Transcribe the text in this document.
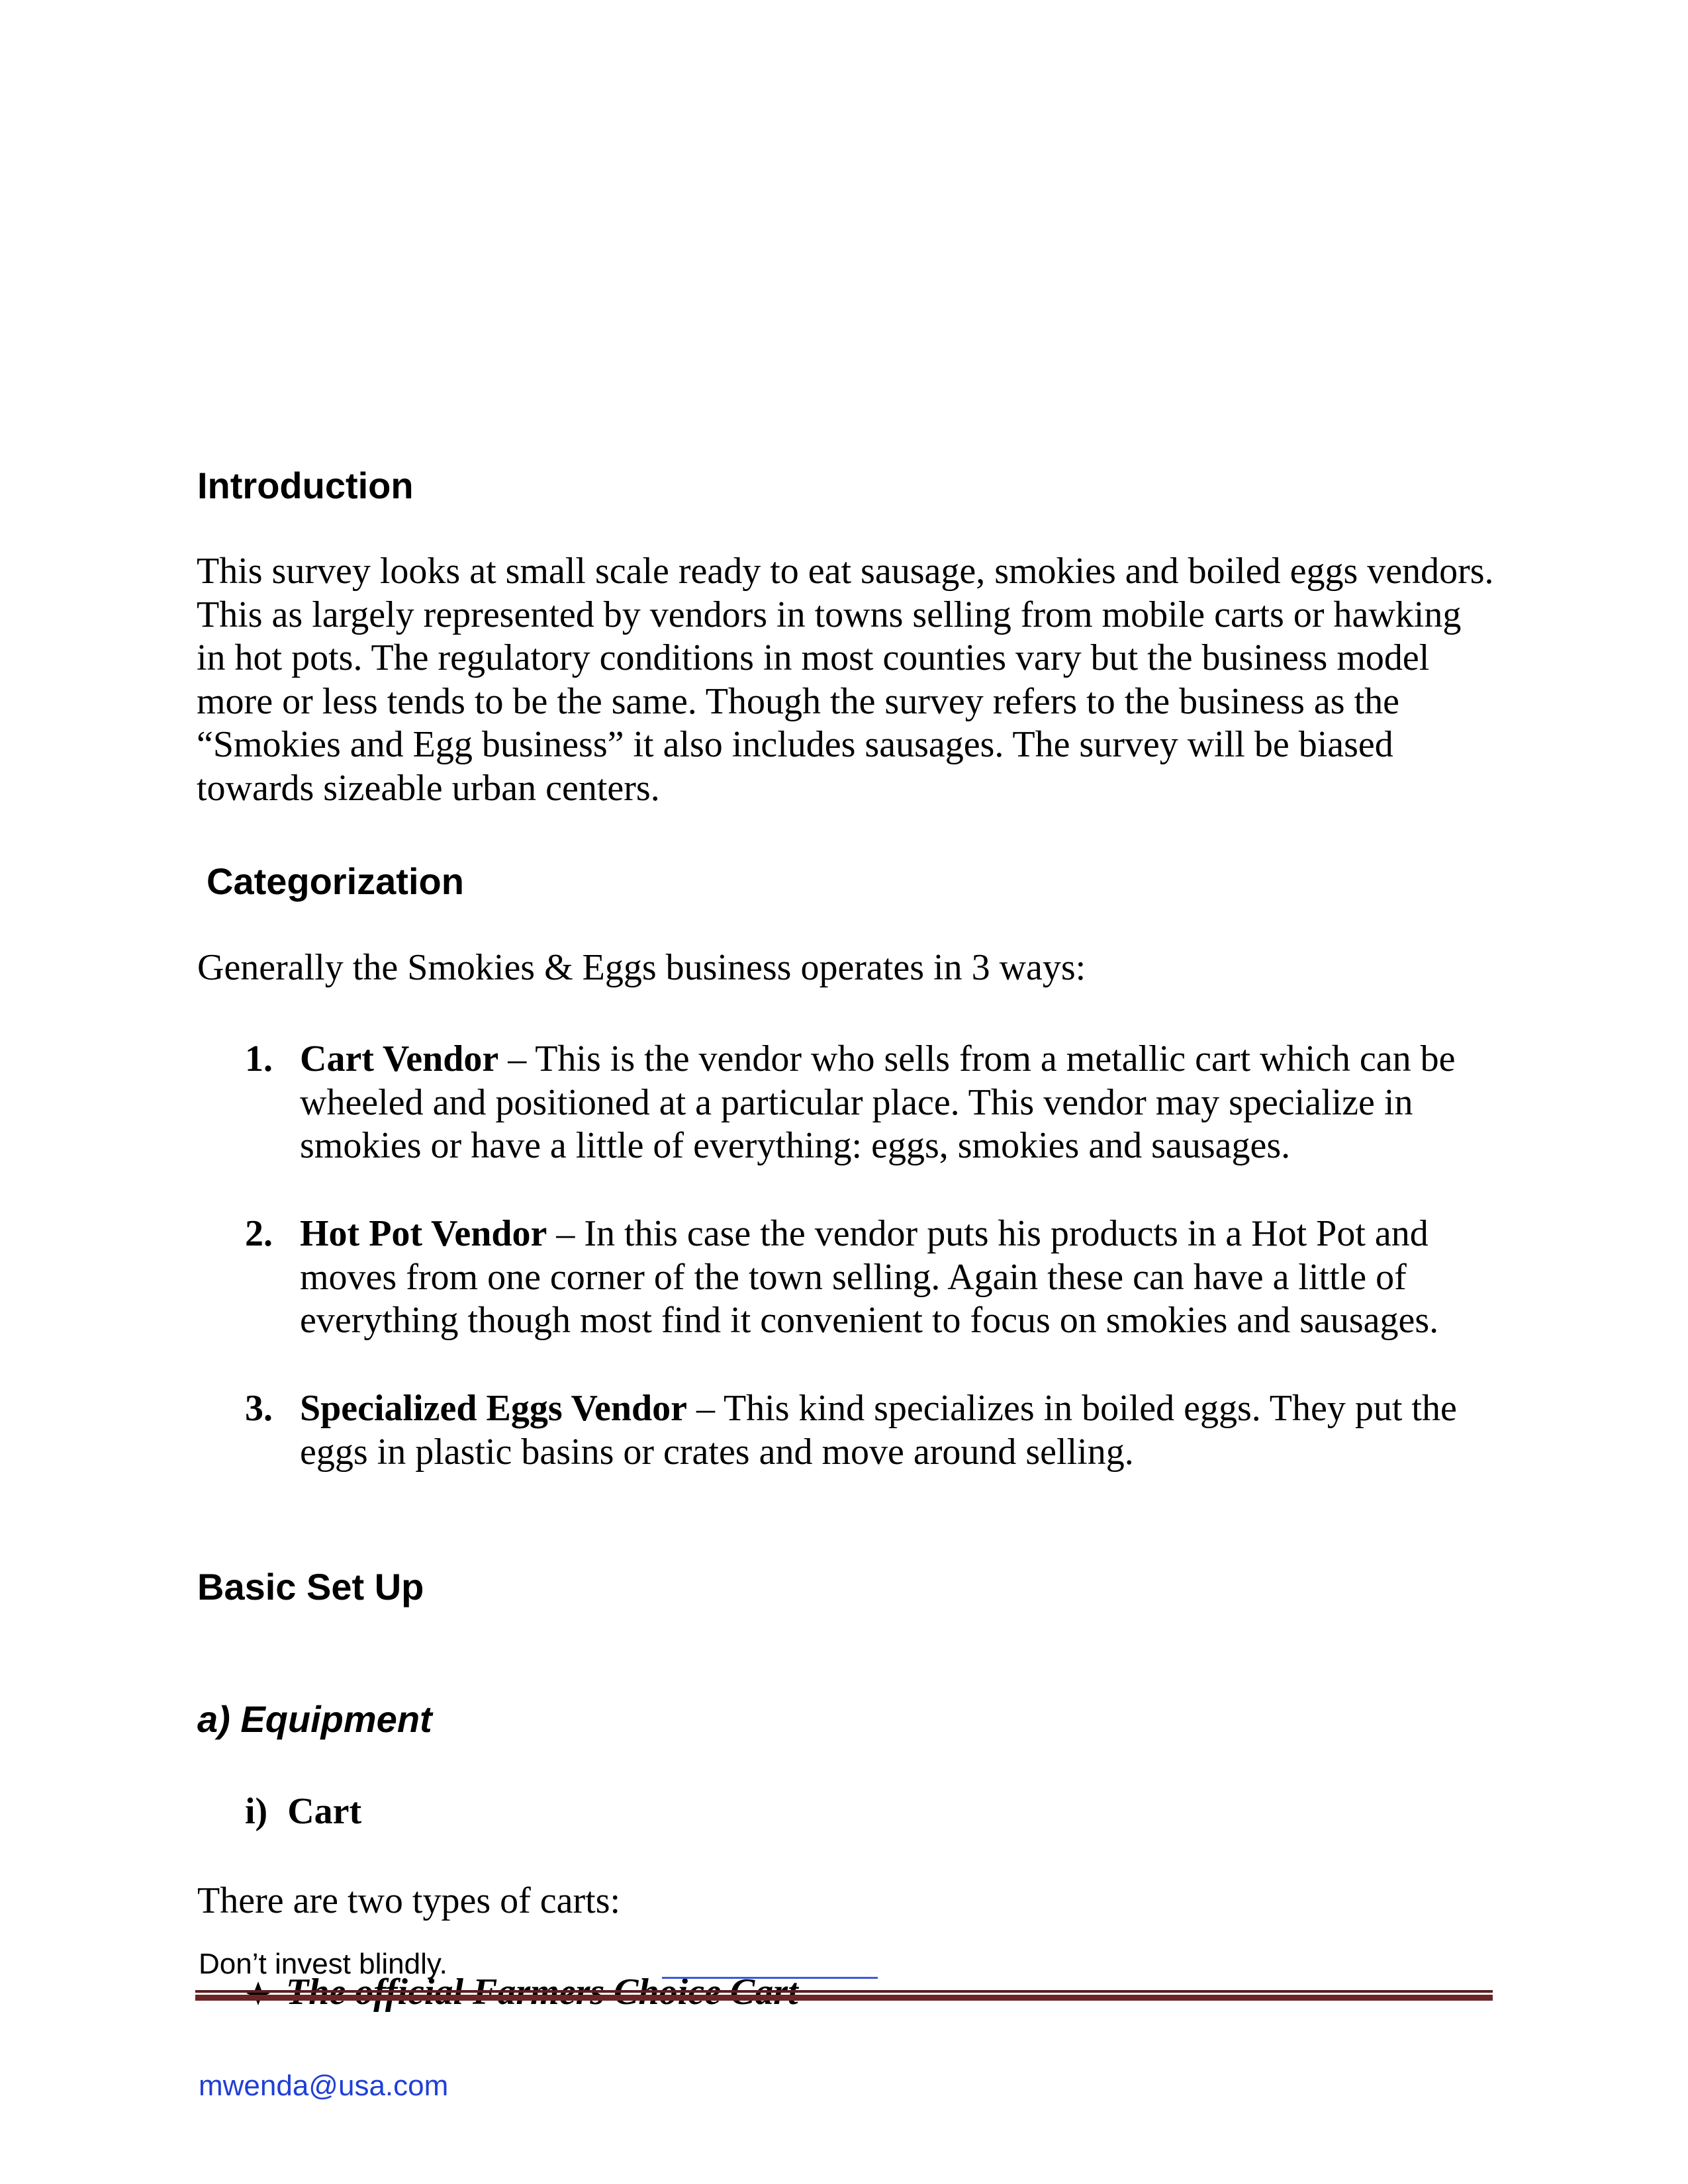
Introduction
This survey looks at small scale ready to eat sausage, smokies and boiled eggs vendors. This as largely represented by vendors in towns selling from mobile carts or hawking in hot pots. The regulatory conditions in most counties vary but the business model more or less tends to be the same. Though the survey refers to the business as the “Smokies and Egg business” it also includes sausages. The survey will be biased towards sizeable urban centers.
Categorization
Generally the Smokies & Eggs business operates in 3 ways:
1. Cart Vendor – This is the vendor who sells from a metallic cart which can be wheeled and positioned at a particular place. This vendor may specialize in smokies or have a little of everything: eggs, smokies and sausages.
2. Hot Pot Vendor – In this case the vendor puts his products in a Hot Pot and moves from one corner of the town selling. Again these can have a little of everything though most find it convenient to focus on smokies and sausages.
3. Specialized Eggs Vendor – This kind specializes in boiled eggs. They put the eggs in plastic basins or crates and move around selling.
Basic Set Up
a) Equipment
i) Cart
There are two types of carts:
Don’t invest blindly.
mwenda@usa.com
